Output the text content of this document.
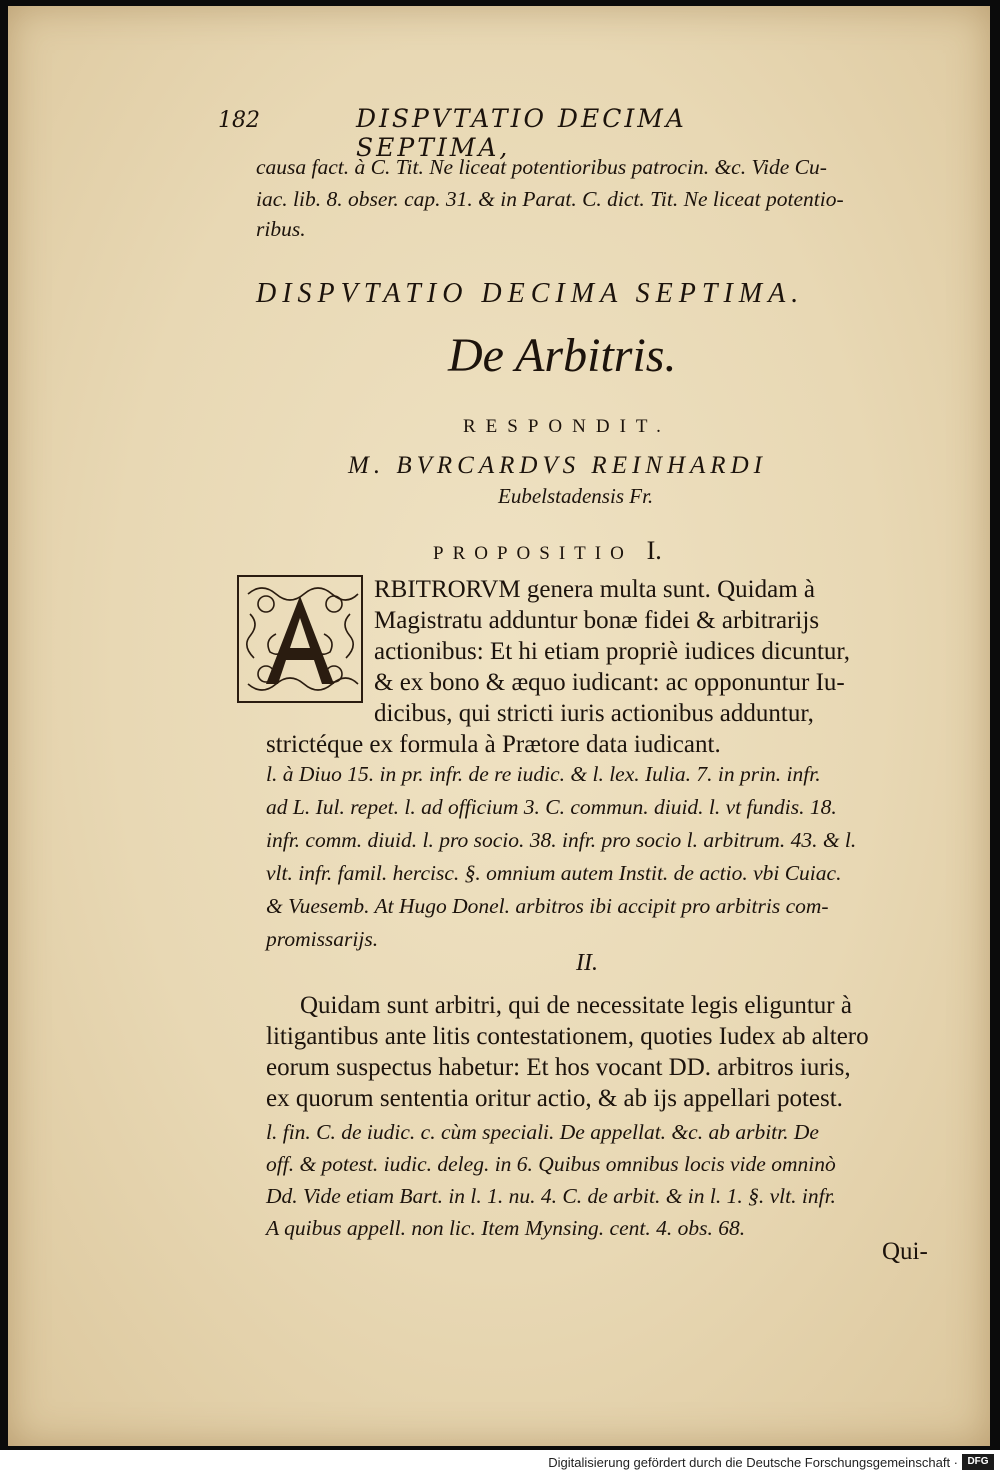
182	DISPVTATIO DECIMA SEPTIMA,
causa fact. à C. Tit. Ne liceat potentioribus patrocin. &c. Vide Cu-
iac. lib. 8. obser. cap. 31. & in Parat. C. dict. Tit. Ne liceat potentio-
ribus.
DISPVTATIO DECIMA SEPTIMA.
De Arbitris.
RESPONDIT.
M. BVRCARDVS REINHARDI
Eubelstadensis Fr.
PROPOSITIO I.
RBITRORVM genera multa sunt. Quidam à
Magistratu adduntur bonæ fidei & arbitrarijs
actionibus: Et hi etiam propriè iudices dicuntur,
& ex bono & æquo iudicant: ac opponuntur Iu-
dicibus, qui stricti iuris actionibus adduntur,
strictéque ex formula à Prætore data iudicant.
l. à Diuo 15. in pr. infr. de re iudic. & l. lex. Iulia. 7. in prin. infr.
ad L. Iul. repet. l. ad officium 3. C. commun. diuid. l. vt fundis. 18.
infr. comm. diuid. l. pro socio. 38. infr. pro socio l. arbitrum. 43. & l.
vlt. infr. famil. hercisc. §. omnium autem Instit. de actio. vbi Cuiac.
& Vuesemb. At Hugo Donel. arbitros ibi accipit pro arbitris com-
promissarijs.
II.
Quidam sunt arbitri, qui de necessitate legis eliguntur à
litigantibus ante litis contestationem, quoties Iudex ab altero
eorum suspectus habetur: Et hos vocant DD. arbitros iuris,
ex quorum sententia oritur actio, & ab ijs appellari potest.
l. fin. C. de iudic. c. cùm speciali. De appellat. &c. ab arbitr. De
off. & potest. iudic. deleg. in 6. Quibus omnibus locis vide omninò
Dd. Vide etiam Bart. in l. 1. nu. 4. C. de arbit. & in l. 1. §. vlt. infr.
A quibus appell. non lic. Item Mynsing. cent. 4. obs. 68.
Qui-
Digitalisierung gefördert durch die Deutsche Forschungsgemeinschaft · DFG
